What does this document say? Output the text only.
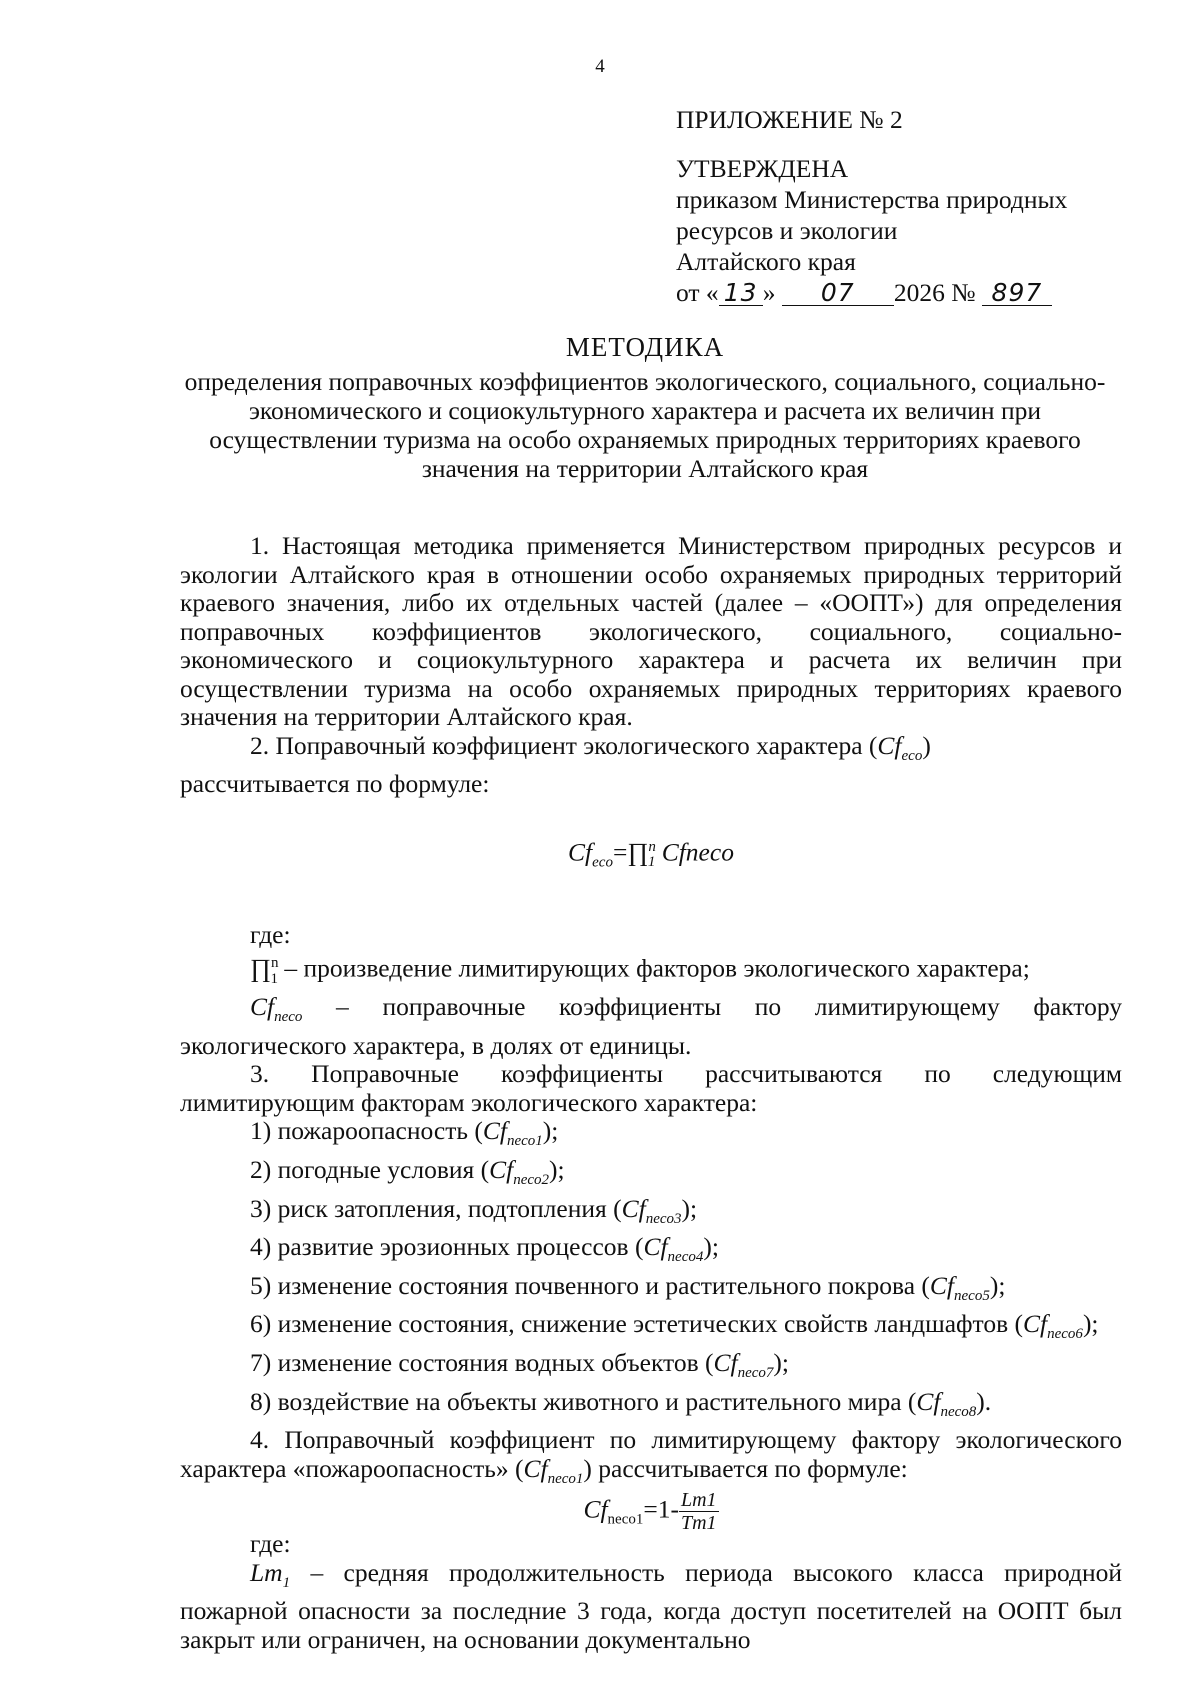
4
ПРИЛОЖЕНИЕ № 2
УТВЕРЖДЕНА
приказом Министерства природных
ресурсов и экологии
Алтайского края
от « 13 » 07 2026 № 897
МЕТОДИКА
определения поправочных коэффициентов экологического, социального, социально-экономического и социокультурного характера и расчета их величин при осуществлении туризма на особо охраняемых природных территориях краевого значения на территории Алтайского края

1. Настоящая методика применяется Министерством природных ресурсов и экологии Алтайского края в отношении особо охраняемых природных территорий краевого значения, либо их отдельных частей (далее – «ООПТ») для определения поправочных коэффициентов экологического, социального, социально-экономического и социокультурного характера и расчета их величин при осуществлении туризма на особо охраняемых природных территориях краевого значения на территории Алтайского края.

2. Поправочный коэффициент экологического характера $(Cf_{eco})$

рассчитывается по формуле:

$Cf_{eco}=\prod^n_1$ Cfneco

где:

∏$^n_1$ – произведение лимитирующих факторов экологического характера;

$Cf_{neco}$ – поправочные коэффициенты по лимитирующему фактору экологического характера, в долях от единицы.

3. Поправочные коэффициенты рассчитываются по следующим лимитирующим факторам экологического характера:

1) пожароопасность $(Cf_{neco1})$;

2) погодные условия $(Cf_{neco2})$;

3) риск затопления, подтопления $(Cf_{neco3})$;

4) развитие эрозионных процессов $(Cf_{neco4})$;

5) изменение состояния почвенного и растительного покрова $(Cf_{neco5})$;

6) изменение состояния, снижение эстетических свойств ландшафтов $(Cf_{neco6})$;

7) изменение состояния водных объектов $(Cf_{neco7})$;

8) воздействие на объекты животного и растительного мира $(Cf_{neco8})$.

4. Поправочный коэффициент по лимитирующему фактору экологического характера «пожароопасность» $(Cf_{neco1})$ рассчитывается по формуле:

$Cf_{neco1}=1- \frac{Lm1}{Tm1}$

где:

$Lm_1$ – средняя продолжительность периода высокого класса природной пожарной опасности за последние 3 года, когда доступ посетителей на ООПТ был закрыт или ограничен, на основании документально
